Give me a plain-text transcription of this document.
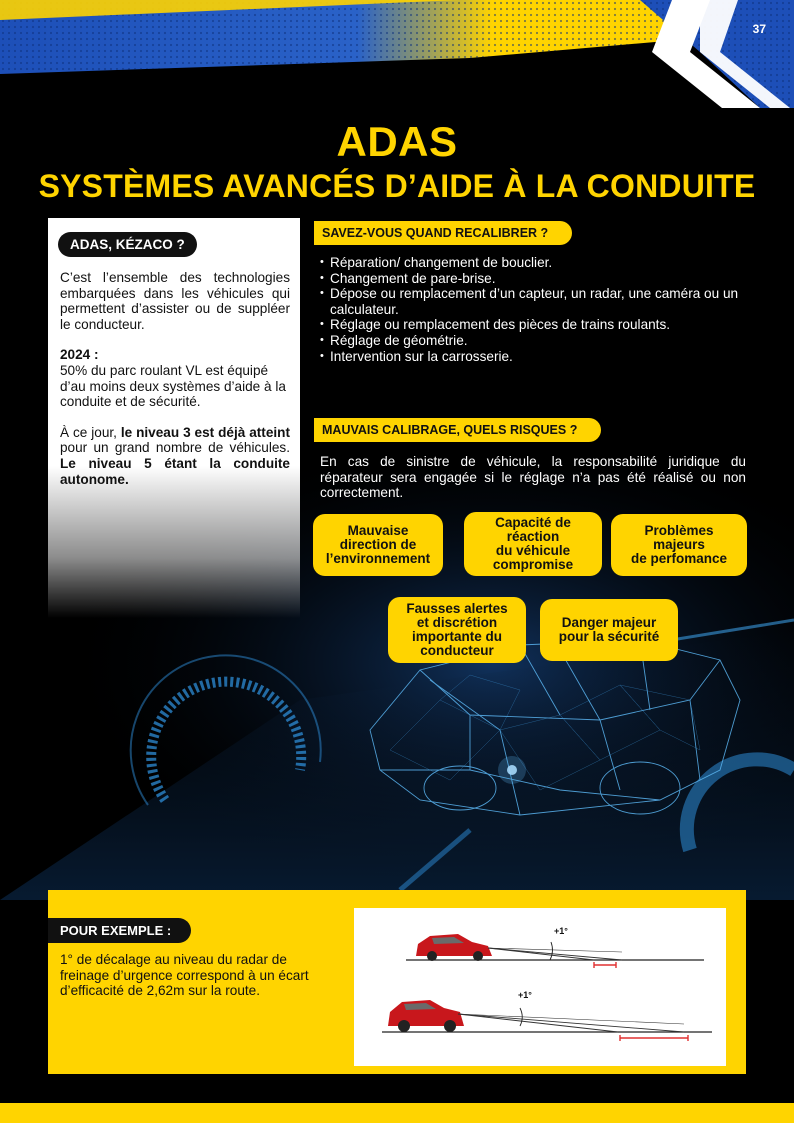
37
ADAS
SYSTÈMES AVANCÉS D’AIDE À LA CONDUITE
ADAS, KÉZACO ?

C’est l’ensemble des technologies embarquées dans les véhicules qui permettent d’assister ou de suppléer le conducteur.

2024 :
50% du parc roulant VL est équipé d’au moins deux systèmes d’aide à la conduite et de sécurité.

À ce jour, le niveau 3 est déjà atteint pour un grand nombre de véhicules. Le niveau 5 étant la conduite autonome.

SAVEZ-VOUS QUAND RECALIBRER ?
• Réparation/ changement de bouclier.
• Changement de pare-brise.
• Dépose ou remplacement d’un capteur, un radar, une caméra ou un calculateur.
• Réglage ou remplacement des pièces de trains roulants.
• Réglage de géométrie.
• Intervention sur la carrosserie.
MAUVAIS CALIBRAGE, QUELS RISQUES ?

En cas de sinistre de véhicule, la responsabilité juridique du réparateur sera engagée si le réglage n’a pas été réalisé ou non correctement.

Mauvaise
direction de
l’environnement
Capacité de
réaction
du véhicule
compromise
Problèmes
majeurs
de perfomance
Fausses alertes
et discrétion
importante du
conducteur
Danger majeur
pour la sécurité
POUR EXEMPLE :

1° de décalage au niveau du radar de freinage d’urgence correspond à un écart d’efficacité de 2,62m sur la route.

+1°
+1°
